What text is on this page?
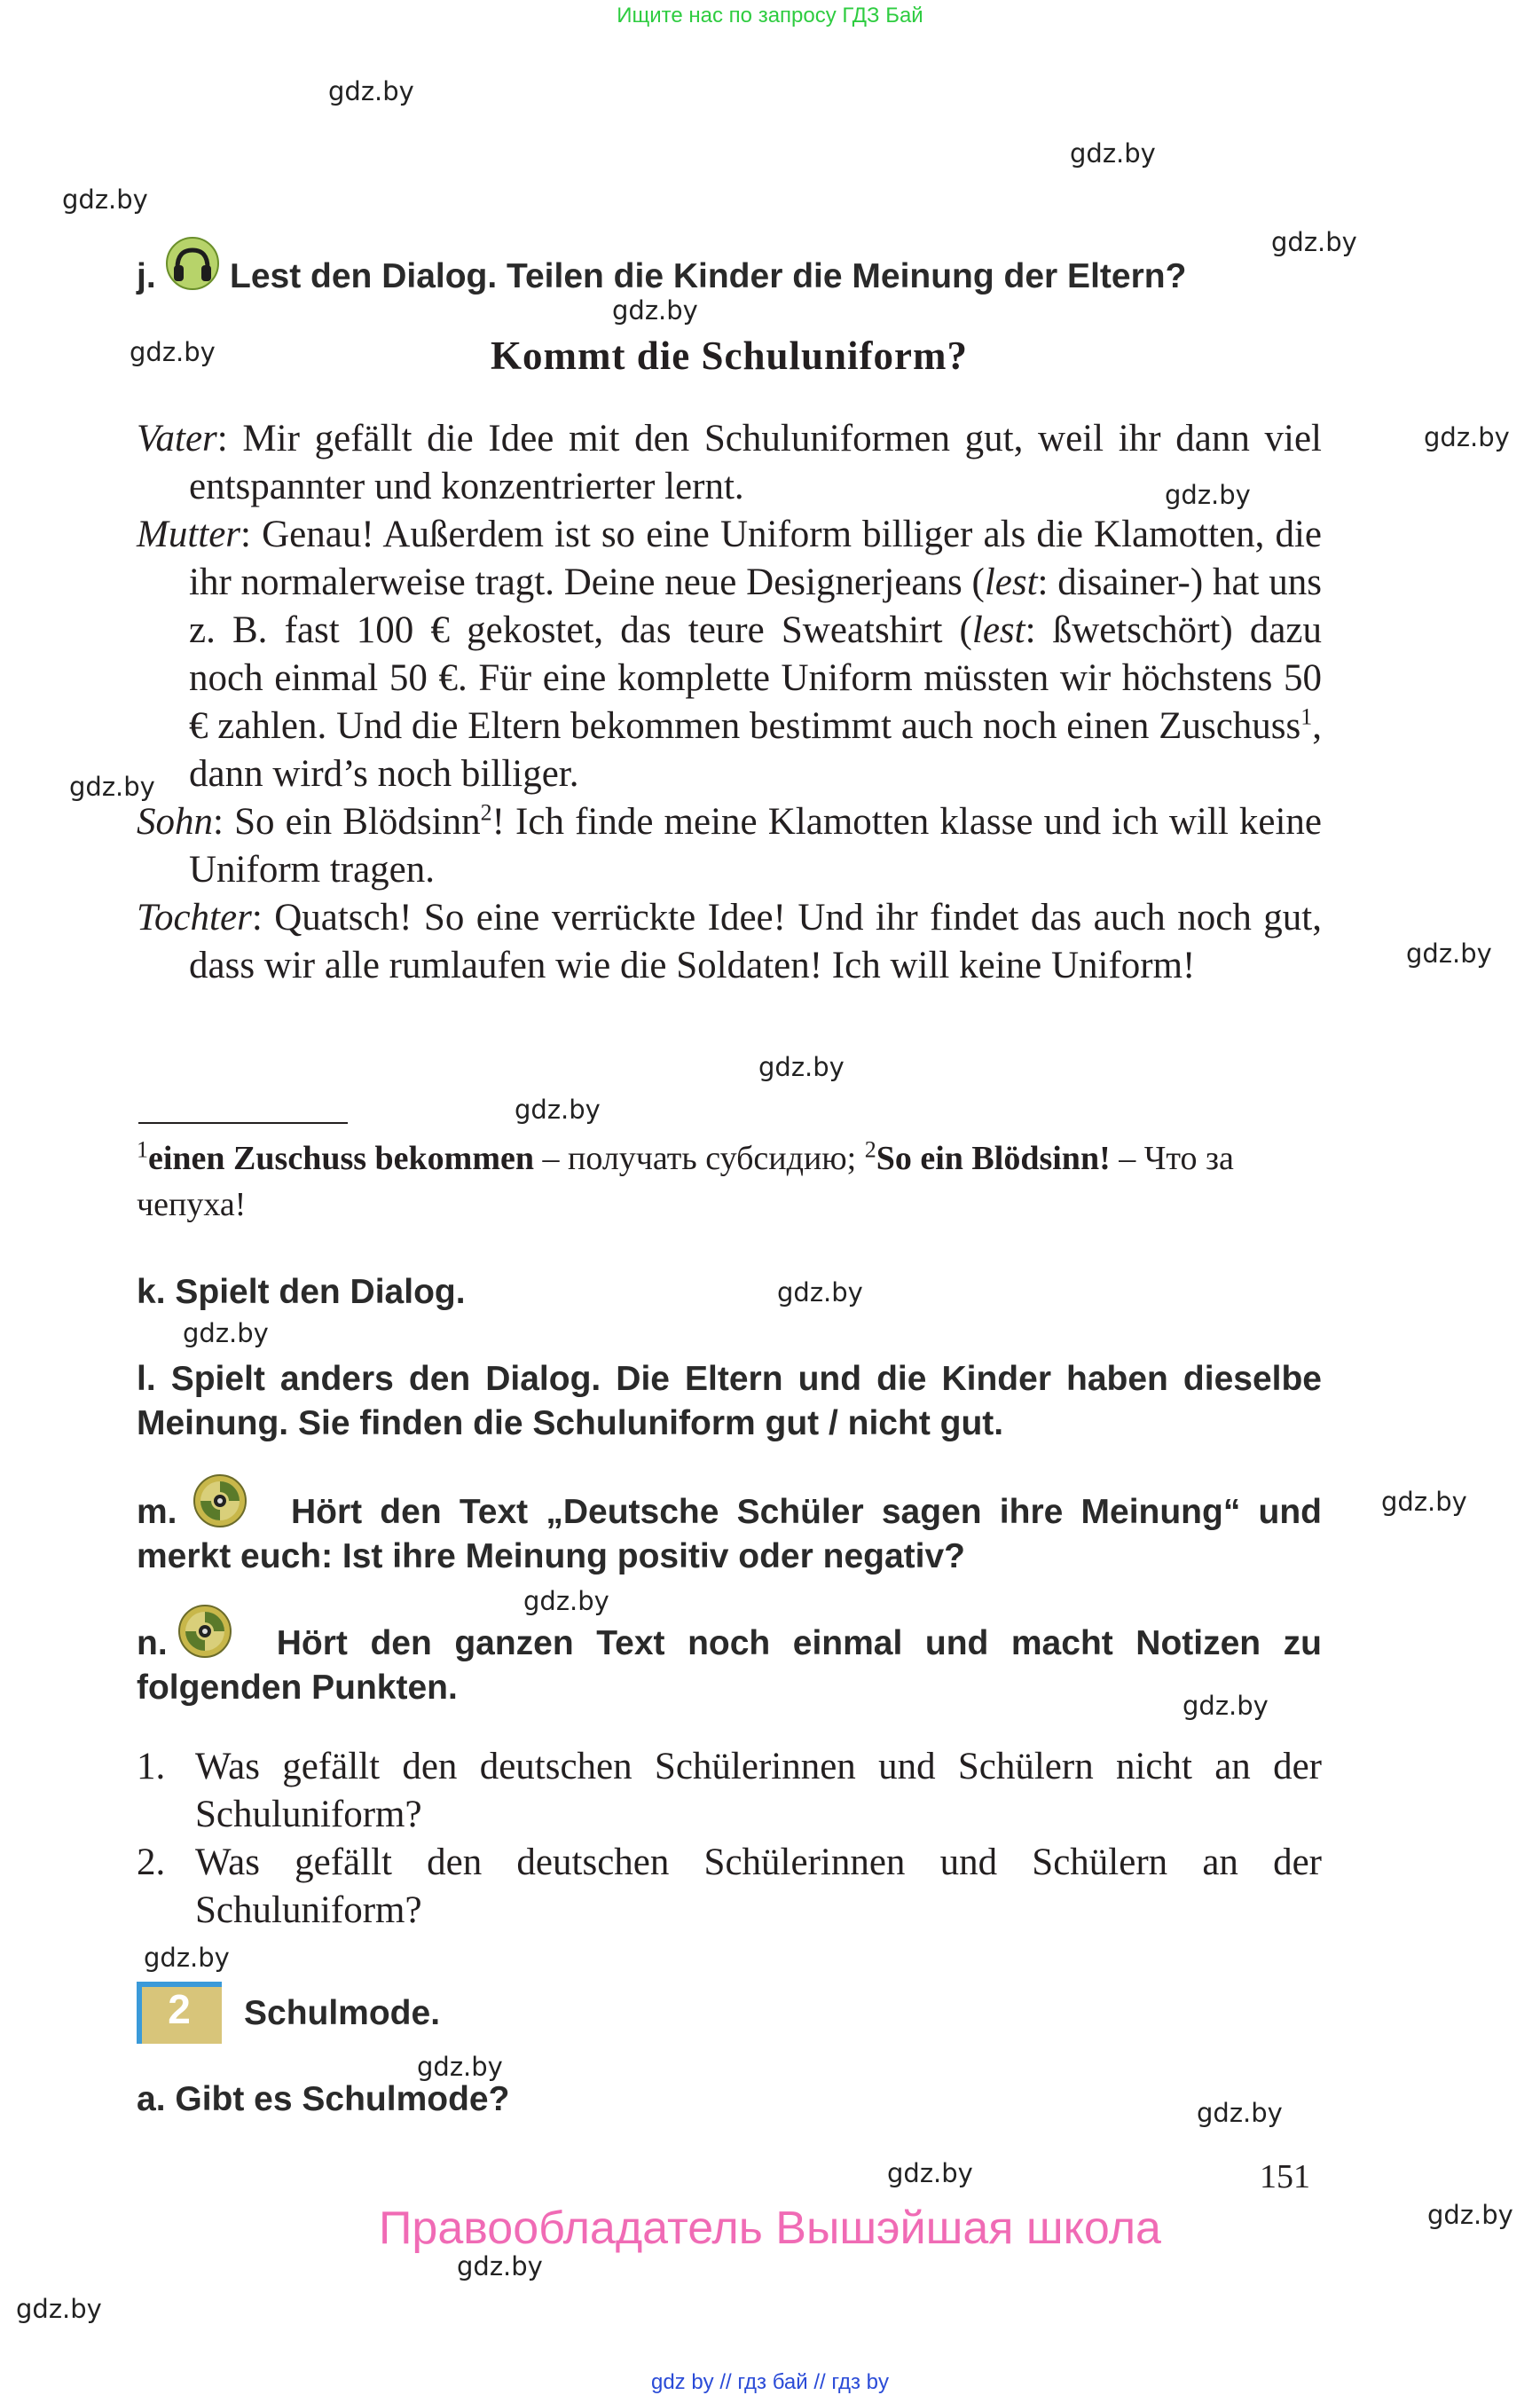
Ищите нас по запросу ГДЗ Бай
gdz.by
gdz.by
gdz.by
gdz.by
gdz.by
gdz.by
gdz.by
gdz.by
gdz.by
gdz.by
gdz.by
gdz.by
gdz.by
gdz.by
gdz.by
gdz.by
gdz.by
gdz.by
gdz.by
gdz.by
gdz.by
gdz.by
gdz.by
gdz.by
j. Lest den Dialog. Teilen die Kinder die Meinung der Eltern?
Kommt die Schuluniform?
Vater: Mir gefällt die Idee mit den Schuluniformen gut, weil ihr dann viel entspannter und konzentrierter lernt.
Mutter: Genau! Außerdem ist so eine Uniform billiger als die Klamotten, die ihr normalerweise tragt. Deine neue Designerjeans (lest: disainer-) hat uns z. B. fast 100 € gekostet, das teure Sweatshirt (lest: ßwetschört) dazu noch einmal 50 €. Für eine komplette Uniform müssten wir höchstens 50 € zahlen. Und die Eltern bekommen bestimmt auch noch einen Zuschuss$^1$, dann wird’s noch billiger.
Sohn: So ein Blödsinn$^2$! Ich finde meine Klamotten klasse und ich will keine Uniform tragen.
Tochter: Quatsch! So eine verrückte Idee! Und ihr findet das auch noch gut, dass wir alle rumlaufen wie die Soldaten! Ich will keine Uniform!
$^1$einen Zuschuss bekommen – получать субсидию; $^2$So ein Blödsinn! – Что за чепуха!
k. Spielt den Dialog.
l. Spielt anders den Dialog. Die Eltern und die Kinder haben dieselbe Meinung. Sie finden die Schuluniform gut / nicht gut.
m.	Hört den Text „Deutsche Schüler sagen ihre Meinung“ und merkt euch: Ist ihre Meinung positiv oder negativ?
n.	Hört den ganzen Text noch einmal und macht Notizen zu folgenden Punkten.
1. Was gefällt den deutschen Schülerinnen und Schülern nicht an der Schuluniform?
2. Was gefällt den deutschen Schülerinnen und Schülern an der Schuluniform?
2	Schulmode.
a. Gibt es Schulmode?
151
Правообладатель Вышэйшая школа
gdz by // гдз бай // гдз by
